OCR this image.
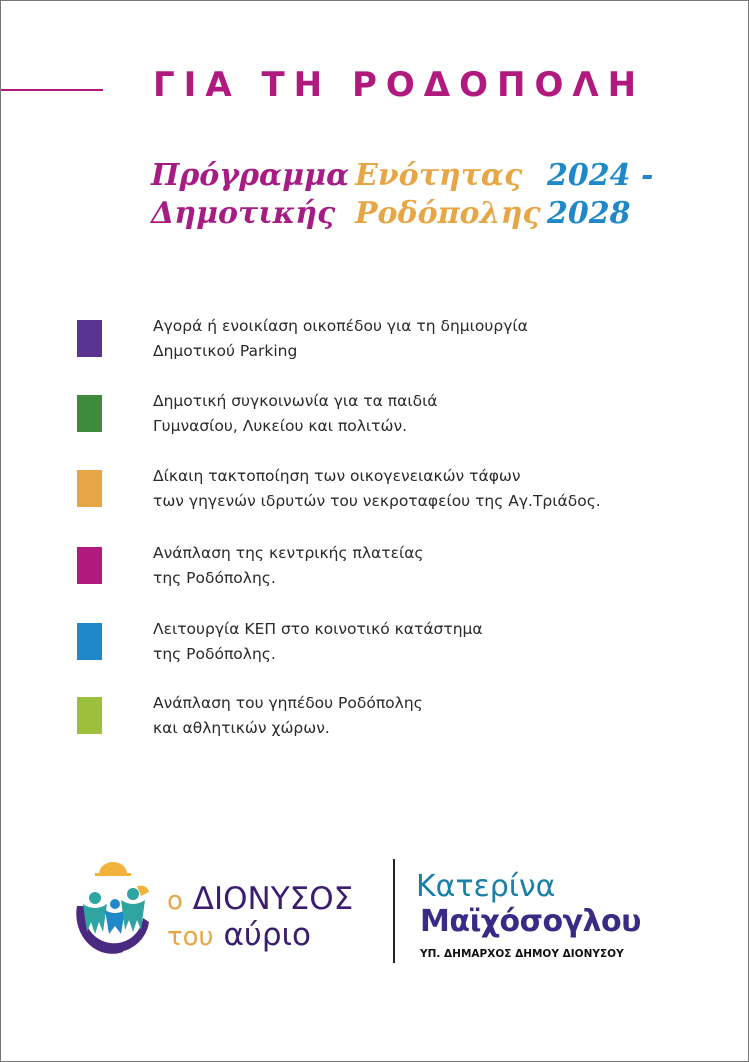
ΓΙΑ ΤΗ ΡΟΔΟΠΟΛΗ
Πρόγραμμα
Δημοτικής
Ενότητας
Ροδόπολης
2024 -
2028
Αγορά ή ενοικίαση οικοπέδου για τη δημιουργία
Δημοτικού Parking
Δημοτική συγκοινωνία για τα παιδιά
Γυμνασίου, Λυκείου και πολιτών.
Δίκαιη τακτοποίηση των οικογενειακών τάφων
των γηγενών ιδρυτών του νεκροταφείου της Αγ.Τριάδος.
Ανάπλαση της κεντρικής πλατείας
της Ροδόπολης.
Λειτουργία ΚΕΠ στο κοινοτικό κατάστημα
της Ροδόπολης.
Ανάπλαση του γηπέδου Ροδόπολης
και αθλητικών χώρων.
ο ΔΙΟΝΥΣΟΣ
του αύριο
Κατερίνα
Μαϊχόσογλου
ΥΠ. ΔΗΜΑΡΧΟΣ ΔΗΜΟΥ ΔΙΟΝΥΣΟΥ
